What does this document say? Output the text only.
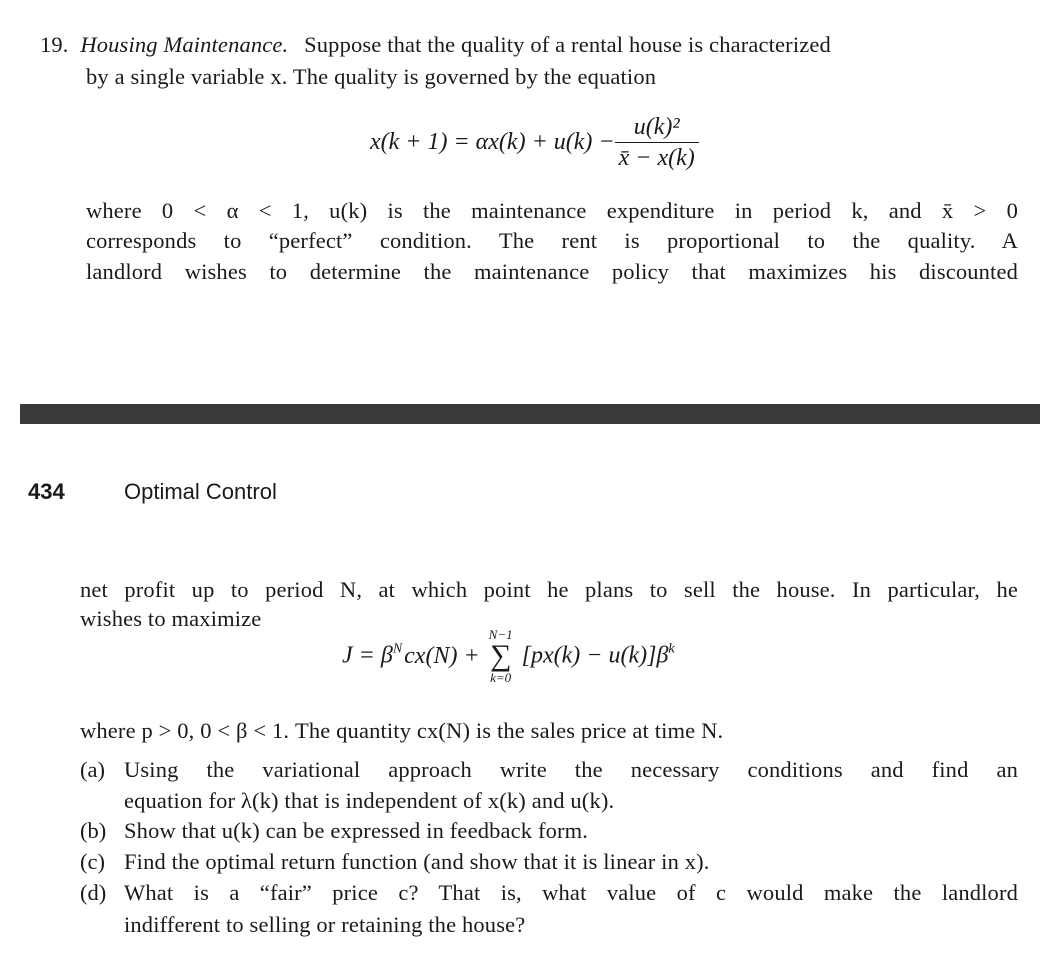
19. Housing Maintenance. Suppose that the quality of a rental house is characterized
by a single variable x. The quality is governed by the equation
$x(k + 1) = \alpha x(k) + u(k) - \frac{\text{u(k)²}}{x̄ - x(k)}$
where 0 < α < 1, u(k) is the maintenance expenditure in period k, and x̄ > 0
corresponds to “perfect” condition. The rent is proportional to the quality. A
landlord wishes to determine the maintenance policy that maximizes his discounted
434	Optimal Control
net profit up to period N, at which point he plans to sell the house. In particular, he
wishes to maximize
$J = \beta^Ncx(N)$ +
N−1
∑
k=0
$[px(k) - u(k)]\beta^k$
where p > 0, 0 < β < 1. The quantity cx(N) is the sales price at time N.
(a) Using the variational approach write the necessary conditions and find an
equation for λ(k) that is independent of x(k) and u(k).
(b) Show that u(k) can be expressed in feedback form.
(c) Find the optimal return function (and show that it is linear in x).
(d) What is a “fair” price c? That is, what value of c would make the landlord
indifferent to selling or retaining the house?
